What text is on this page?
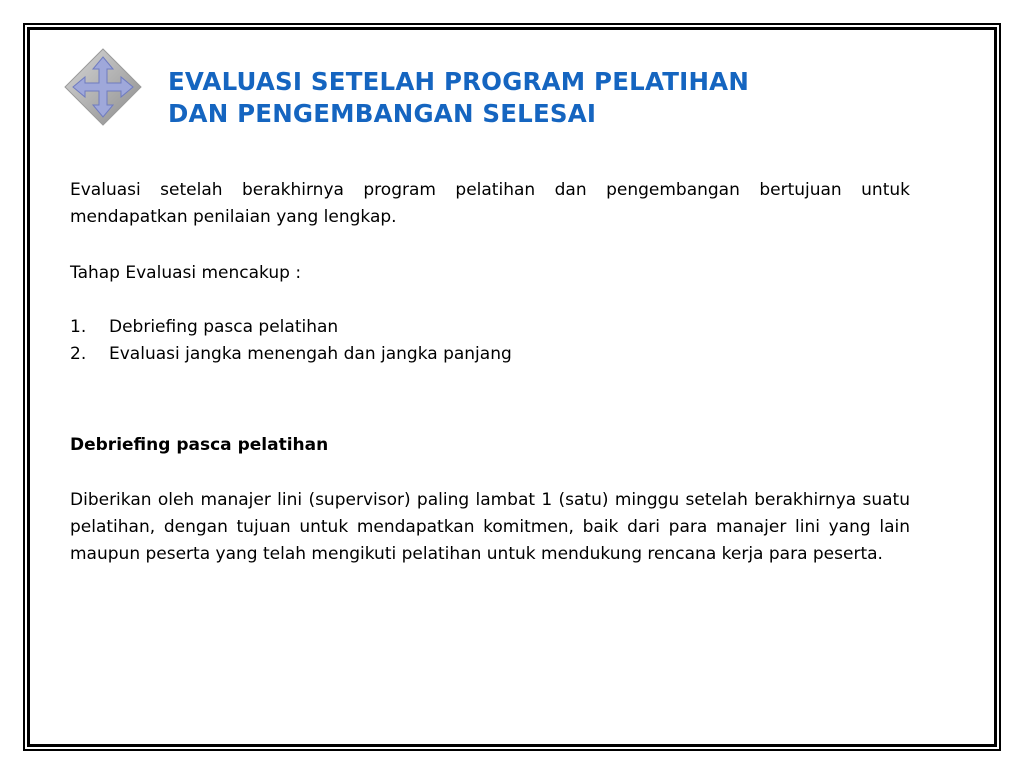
EVALUASI SETELAH PROGRAM PELATIHAN
DAN PENGEMBANGAN SELESAI

Evaluasi setelah berakhirnya program pelatihan dan pengembangan bertujuan untuk mendapatkan penilaian yang lengkap.

Tahap Evaluasi mencakup :

1. Debriefing pasca pelatihan
2. Evaluasi jangka menengah dan jangka panjang

Debriefing pasca pelatihan

Diberikan oleh manajer lini (supervisor) paling lambat 1 (satu) minggu setelah berakhirnya suatu pelatihan, dengan tujuan untuk mendapatkan komitmen, baik dari para manajer lini yang lain maupun peserta yang telah mengikuti pelatihan untuk mendukung rencana kerja para peserta.
